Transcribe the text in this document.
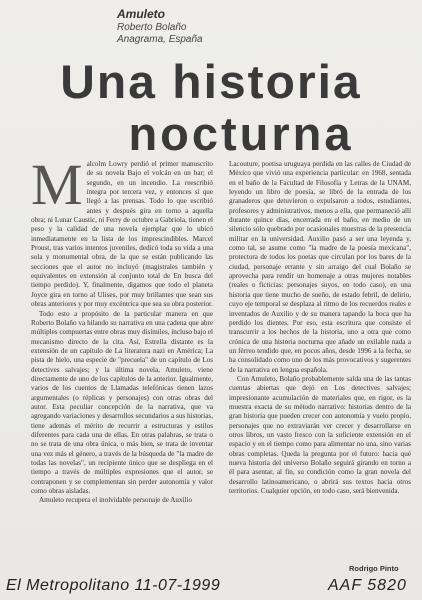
Amuleto

Roberto Bolaño

Anagrama, España

Una historia
nocturna

Malcolm Lowry perdió el primer manuscrito de su novela Bajo el volcán en un bar; el segundo, en un incendio. La reescribió íntegra por tercera vez, y entonces sí que llegó a las prensas. Todo lo que escribió antes y después gira en torno a aquella obra; ni Lunar Caustic, ni Ferry de octubre a Gabriola, tienen el peso y la calidad de una novela ejemplar que lo ubicó inmediatamente en la lista de los imprescindibles. Marcel Proust, tras varios intentos juveniles, dedicó toda su vida a una sola y monumental obra, de la que se están publicando las secciones que el autor no incluyó (magistrales también y equivalentes en extensión al conjunto total de En busca del tiempo perdido). Y, finalmente, digamos que todo el planeta Joyce gira en torno al Ulises, por muy brillantes que sean sus obras anteriores y por muy excéntrica que sea su obra posterior.

Todo esto a propósito de la particular manera en que Roberto Bolaño va hilando su narrativa en una cadena que abre múltiples compuertas entre obras muy disímiles, incluso bajo el mecanismo directo de la cita. Así, Estrella distante es la extensión de un capítulo de La literatura nazi en América; La pista de hielo, una especie de "precuela" de un capítulo de Los detectives salvajes; y la última novela, Amuleto, viene directamente de uno de los capítulos de la anterior. Igualmente, varios de los cuentos de Llamadas telefónicas tienen lazos argumentales (o réplicas y personajes) con otras obras del autor. Esta peculiar concepción de la narrativa, que va agregando variaciones y desarrollos secundarios a sus historias, tiene además el mérito de recurrir a estructuras y estilos diferentes para cada una de ellas. En otras palabras, se trata o no se trata de una obra única, o más bien, se trata de inventar una vez más el género, a través de la búsqueda de "la madre de todas las novelas", un recipiente único que se despliega en el tiempo a través de múltiples expresiones que el autor, se contraponen y se complementan sin perder autonomía y valor como obras aisladas.

Amuleto recupera el inolvidable personaje de Auxilio

Lacouture, poetisa uruguaya perdida en las calles de Ciudad de México que vivió una experiencia particular: en 1968, sentada en el baño de la Facultad de Filosofía y Letras de la UNAM, leyendo un libro de poesía, se libró de la entrada de los granaderos que detuvieron o expulsaron a todos, estudiantes, profesores y administrativos, menos a ella, que permaneció allí durante quince días, encerrada en el baño, en medio de un silencio sólo quebrado por ocasionales muestras de la presencia militar en la universidad. Auxilio pasó a ser una leyenda y, como tal, se asume como "la madre de la poesía mexicana", protectora de todos los poetas que circulan por los bares de la ciudad, personaje errante y sin arraigo del cual Bolaño se aprovecha para rendir un homenaje a otras mujeres notables (reales o ficticias: personajes suyos, en todo caso), en una historia que tiene mucho de sueño, de estado febril, de delirio, cuyo eje temporal se desplaza al ritmo de los recuerdos reales e inventados de Auxilio y de su manera tapando la boca que ha perdido los dientes. Por eso, esta escritura que consiste el transcurrir a los hechos de la historia, uno a otra que como crónica de una historia nocturna que añade un exilable nada a un férreo tendido que, en pocos años, desde 1996 a la fecha, se ha consolidado como uno de los más provocativos y sugerentes de la narrativa en lengua española.

Con Amuleto, Bolaño probablemente salda una de las tantas cuentas abiertas que dejó en Los detectives salvajes; impresionante acumulación de materiales que, en rigor, es la muestra exacta de su método narrativo: historias dentro de la gran historia que pueden crecer con autonomía y vuelo propio, personajes que no extraviarán ver crecer y desarrollarse en otros libros, un vasto fresco con la suficiente extensión en el espacio y en el tiempo como para alimentar no una, sino varias obras completas. Queda la pregunta por el futuro: hacia qué nueva historia del universo Bolaño seguirá girando en torno a él para asentar, al fin, su condición como la gran novela del desarrollo latinoamericano, o abrirá sus textos hacia otros territorios. Cualquier opción, en todo caso, será bienvenida.

Rodrigo Pinto
El Metropolitano 11-07-1999	AAF 5820
